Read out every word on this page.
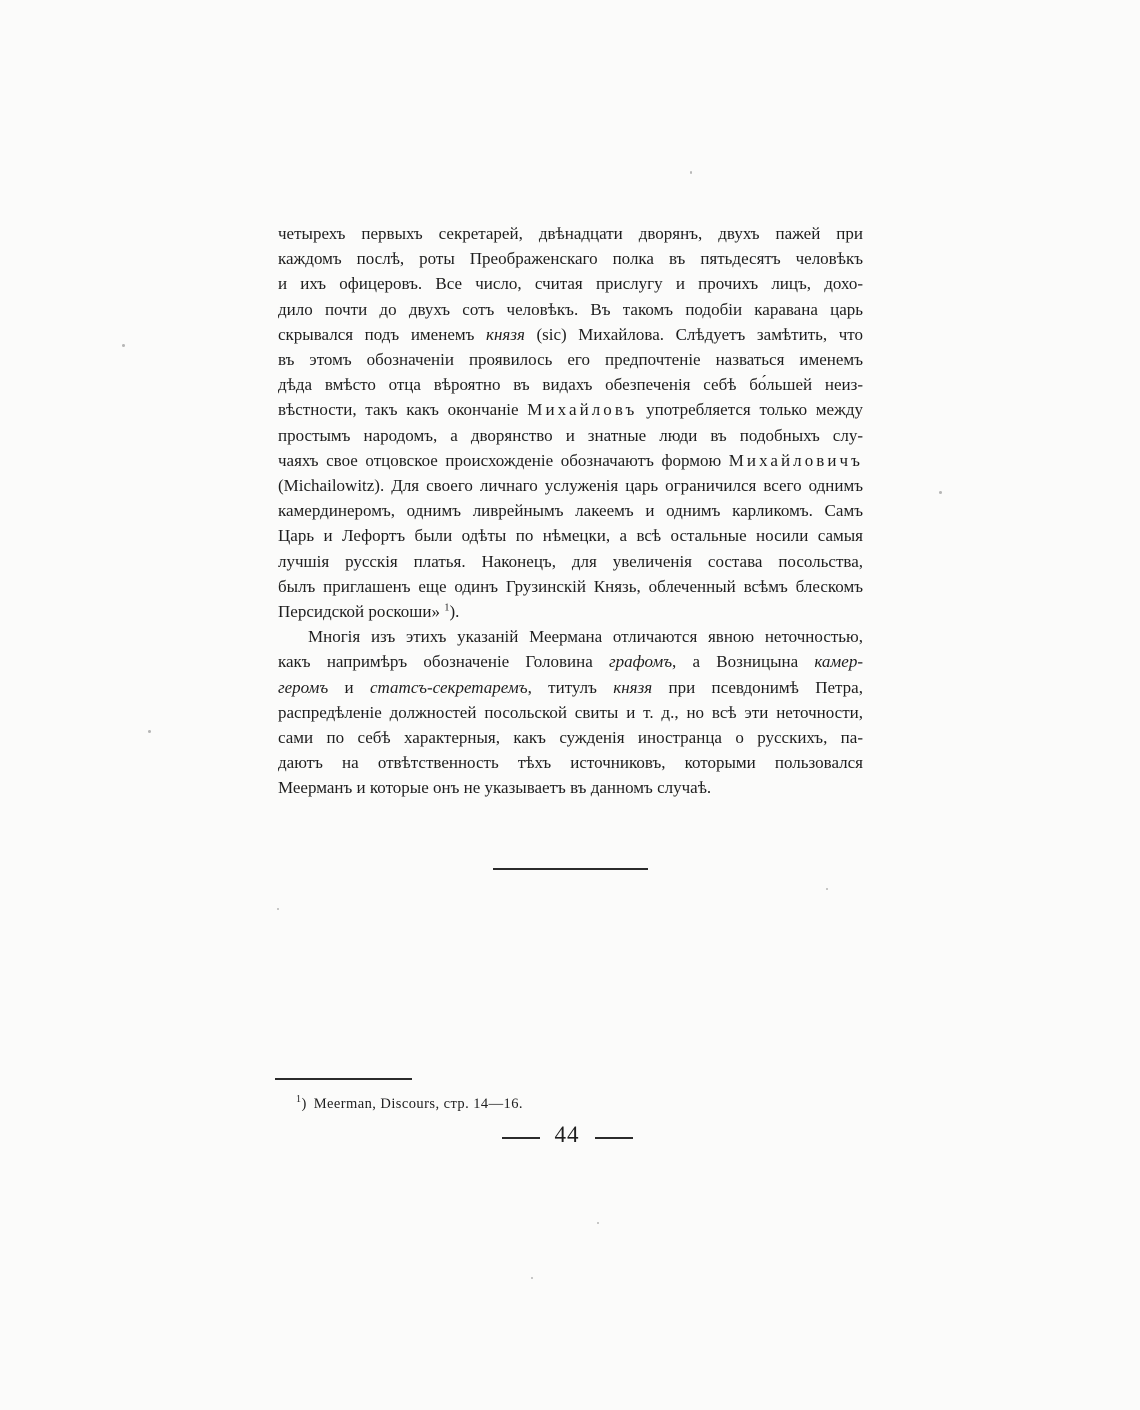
четырехъ первыхъ секретарей, двѣнадцати дворянъ, двухъ пажей при
каждомъ послѣ, роты Преображенскаго полка въ пятьдесятъ человѣкъ
и ихъ офицеровъ. Все число, считая прислугу и прочихъ лицъ, дохо-
дило почти до двухъ сотъ человѣкъ. Въ такомъ подобіи каравана царь
скрывался подъ именемъ князя (sic) Михайлова. Слѣдуетъ замѣтить, что
въ этомъ обозначеніи проявилось его предпочтеніе назваться именемъ
дѣда вмѣсто отца вѣроятно въ видахъ обезпеченія себѣ бо́льшей неиз-
вѣстности, такъ какъ окончаніе Михайловъ употребляется только между
простымъ народомъ, а дворянство и знатные люди въ подобныхъ слу-
чаяхъ свое отцовское происхожденіе обозначаютъ формою Михайловичъ
(Michailowitz). Для своего личнаго услуженія царь ограничился всего однимъ
камердинеромъ, однимъ ливрейнымъ лакеемъ и однимъ карликомъ. Самъ
Царь и Лефортъ были одѣты по нѣмецки, а всѣ остальные носили самыя
лучшія русскія платья. Наконецъ, для увеличенія состава посольства,
былъ приглашенъ еще одинъ Грузинскій Князь, облеченный всѣмъ блескомъ
Персидской роскоши» $^1$).
Многія изъ этихъ указаній Меермана отличаются явною неточностью,
какъ напримѣръ обозначеніе Головина графомъ, а Возницына камер-
геромъ и статсъ-секретаремъ, титулъ князя при псевдонимѣ Петра,
распредѣленіе должностей посольской свиты и т. д., но всѣ эти неточности,
сами по себѣ характерныя, какъ сужденія иностранца о русскихъ, па-
даютъ на отвѣтственность тѣхъ источниковъ, которыми пользовался
Меерманъ и которые онъ не указываетъ въ данномъ случаѣ.
$^1$) Meerman, Discours, стр. 14—16.
44
